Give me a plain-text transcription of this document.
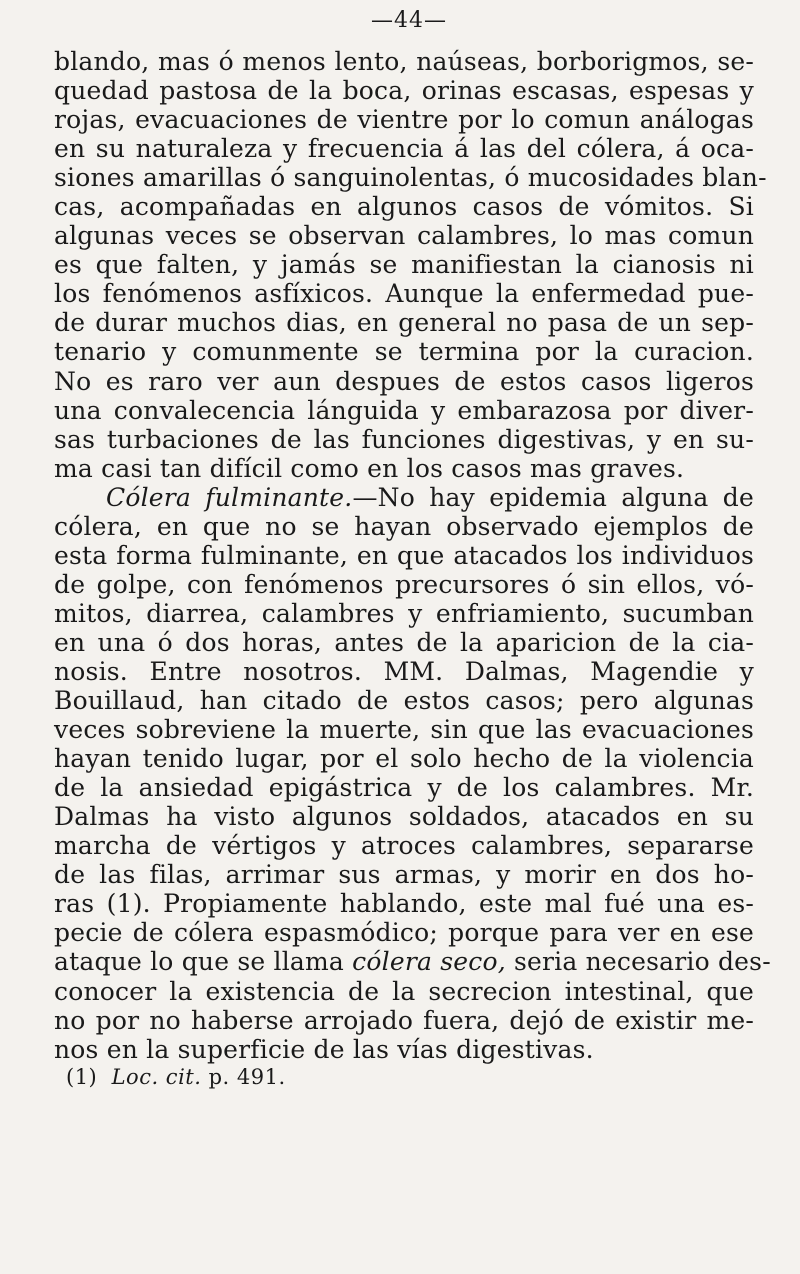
—44—
blando, mas ó menos lento, naúseas, borborigmos, se-
quedad pastosa de la boca, orinas escasas, espesas y
rojas, evacuaciones de vientre por lo comun análogas
en su naturaleza y frecuencia á las del cólera, á oca-
siones amarillas ó sanguinolentas, ó mucosidades blan-
cas, acompañadas en algunos casos de vómitos. Si
algunas veces se observan calambres, lo mas comun
es que falten, y jamás se manifiestan la cianosis ni
los fenómenos asfíxicos. Aunque la enfermedad pue-
de durar muchos dias, en general no pasa de un sep-
tenario y comunmente se termina por la curacion.
No es raro ver aun despues de estos casos ligeros
una convalecencia lánguida y embarazosa por diver-
sas turbaciones de las funciones digestivas, y en su-
ma casi tan difícil como en los casos mas graves.
Cólera fulminante.—No hay epidemia alguna de
cólera, en que no se hayan observado ejemplos de
esta forma fulminante, en que atacados los individuos
de golpe, con fenómenos precursores ó sin ellos, vó-
mitos, diarrea, calambres y enfriamiento, sucumban
en una ó dos horas, antes de la aparicion de la cia-
nosis. Entre nosotros. MM. Dalmas, Magendie y
Bouillaud, han citado de estos casos; pero algunas
veces sobreviene la muerte, sin que las evacuaciones
hayan tenido lugar, por el solo hecho de la violencia
de la ansiedad epigástrica y de los calambres. Mr.
Dalmas ha visto algunos soldados, atacados en su
marcha de vértigos y atroces calambres, separarse
de las filas, arrimar sus armas, y morir en dos ho-
ras (1). Propiamente hablando, este mal fué una es-
pecie de cólera espasmódico; porque para ver en ese
ataque lo que se llama cólera seco, seria necesario des-
conocer la existencia de la secrecion intestinal, que
no por no haberse arrojado fuera, dejó de existir me-
nos en la superficie de las vías digestivas.
(1) Loc. cit. p. 491.
